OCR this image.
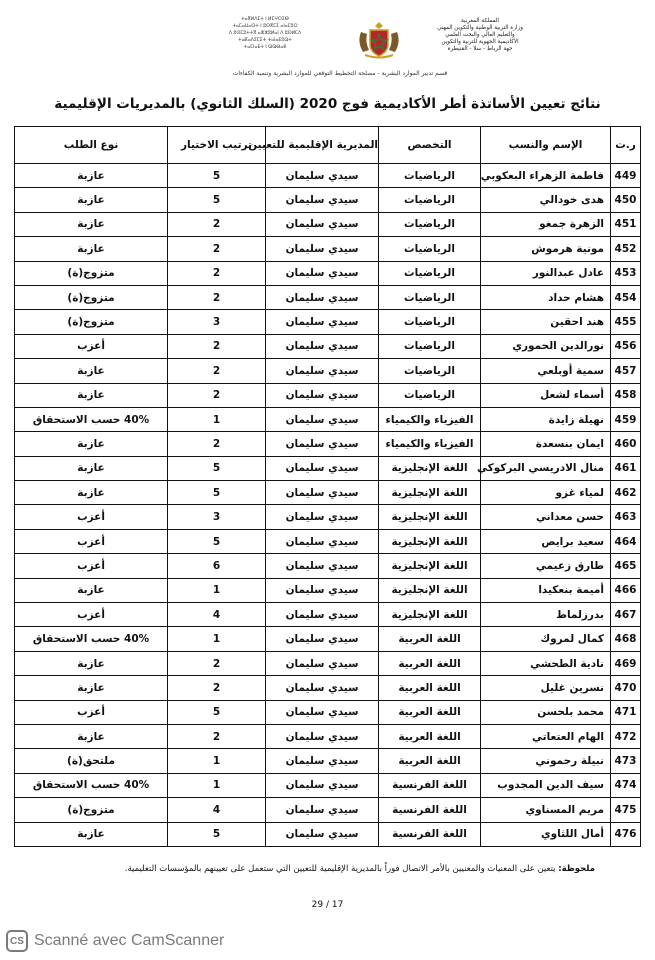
ⵜⴰⴳⵍⴷⵉⵜ ⵏ ⵍⵎⵖⵔⵉⴱ
ⵜⴰⵎⴰⵡⴰⵙⵜ ⵏ ⵓⵙⴳⵎⵉ ⴰⵏⴰⵎⵓⵔ
ⴷ ⵓⵙⵎⵓⵜⵜⴳ ⴰⵣⵣⵓⵍⴰⵏ ⴷ ⵓⵙⵍⵎⴷ
ⵜⴰⴽⴰⴷⵉⵎⵉⵜ ⵜⴰⵏⴰⴹⵓⵕⵜ
ⵜⴰⵎⵏⴰⴹⵜ ⵏ ⵕⵕⴱⴰⵟ
المملكة المغربية
وزارة التربية الوطنية والتكوين المهني
والتعليم العالي والبحث العلمي
الأكاديمية الجهوية للتربية والتكوين
جهة الرباط - سلا - القنيطرة
قسم تدبير الموارد البشرية - مصلحة التخطيط التوقعي للموارد البشرية وتنمية الكفاءات
نتائج تعيين الأساتذة أطر الأكاديمية فوج 2020 (السلك الثانوي) بالمديريات الإقليمية
ر.ت	الإسم والنسب	التخصص	المديرية الإقليمية للتعيين	ترتيب الاختيار	نوع الطلب
449	فاطمة الزهراء البعكوبي	الرياضيات	سيدي سليمان	5	عازبة
450	هدى خودالي	الرياضيات	سيدي سليمان	5	عازبة
451	الزهرة جمغو	الرياضيات	سيدي سليمان	2	عازبة
452	مونية هرموش	الرياضيات	سيدي سليمان	2	عازبة
453	عادل عبدالنور	الرياضيات	سيدي سليمان	2	متزوج(ة)
454	هشام حداد	الرياضيات	سيدي سليمان	2	متزوج(ة)
455	هند احقين	الرياضيات	سيدي سليمان	3	متزوج(ة)
456	نورالدين الحموري	الرياضيات	سيدي سليمان	2	أعزب
457	سمية أوبلعي	الرياضيات	سيدي سليمان	2	عازبة
458	أسماء لشعل	الرياضيات	سيدي سليمان	2	عازبة
459	نهيلة زايدة	الفيزياء والكيمياء	سيدي سليمان	1	40% حسب الاستحقاق
460	ايمان بنسعدة	الفيزياء والكيمياء	سيدي سليمان	2	عازبة
461	منال الادريسي البركوكي	اللغة الإنجليزية	سيدي سليمان	5	عازبة
462	لمياء غزو	اللغة الإنجليزية	سيدي سليمان	5	عازبة
463	حسن معداني	اللغة الإنجليزية	سيدي سليمان	3	أعزب
464	سعيد برايص	اللغة الإنجليزية	سيدي سليمان	5	أعزب
465	طارق زعيمي	اللغة الإنجليزية	سيدي سليمان	6	أعزب
466	أميمة بنعكيدا	اللغة الإنجليزية	سيدي سليمان	1	عازبة
467	بدرزلماط	اللغة الإنجليزية	سيدي سليمان	4	أعزب
468	كمال لمروك	اللغة العربية	سيدي سليمان	1	40% حسب الاستحقاق
469	نادية الطحشي	اللغة العربية	سيدي سليمان	2	عازبة
470	نسرين غليل	اللغة العربية	سيدي سليمان	2	عازبة
471	محمد بلحسن	اللغة العربية	سيدي سليمان	5	أعزب
472	الهام العتعاتي	اللغة العربية	سيدي سليمان	2	عازبة
473	نبيلة رحموني	اللغة العربية	سيدي سليمان	1	ملتحق(ة)
474	سيف الدين المجدوب	اللغة الفرنسية	سيدي سليمان	1	40% حسب الاستحقاق
475	مريم المسناوي	اللغة الفرنسية	سيدي سليمان	4	متزوج(ة)
476	أمال اللثاوي	اللغة الفرنسية	سيدي سليمان	5	عازبة
ملحوظة: يتعين على المعنيات والمعنيين بالأمر الاتصال فوراً بالمديرية الإقليمية للتعيين التي ستعمل على تعيينهم بالمؤسسات التعليمية.
29 / 17
CS Scanné avec CamScanner
